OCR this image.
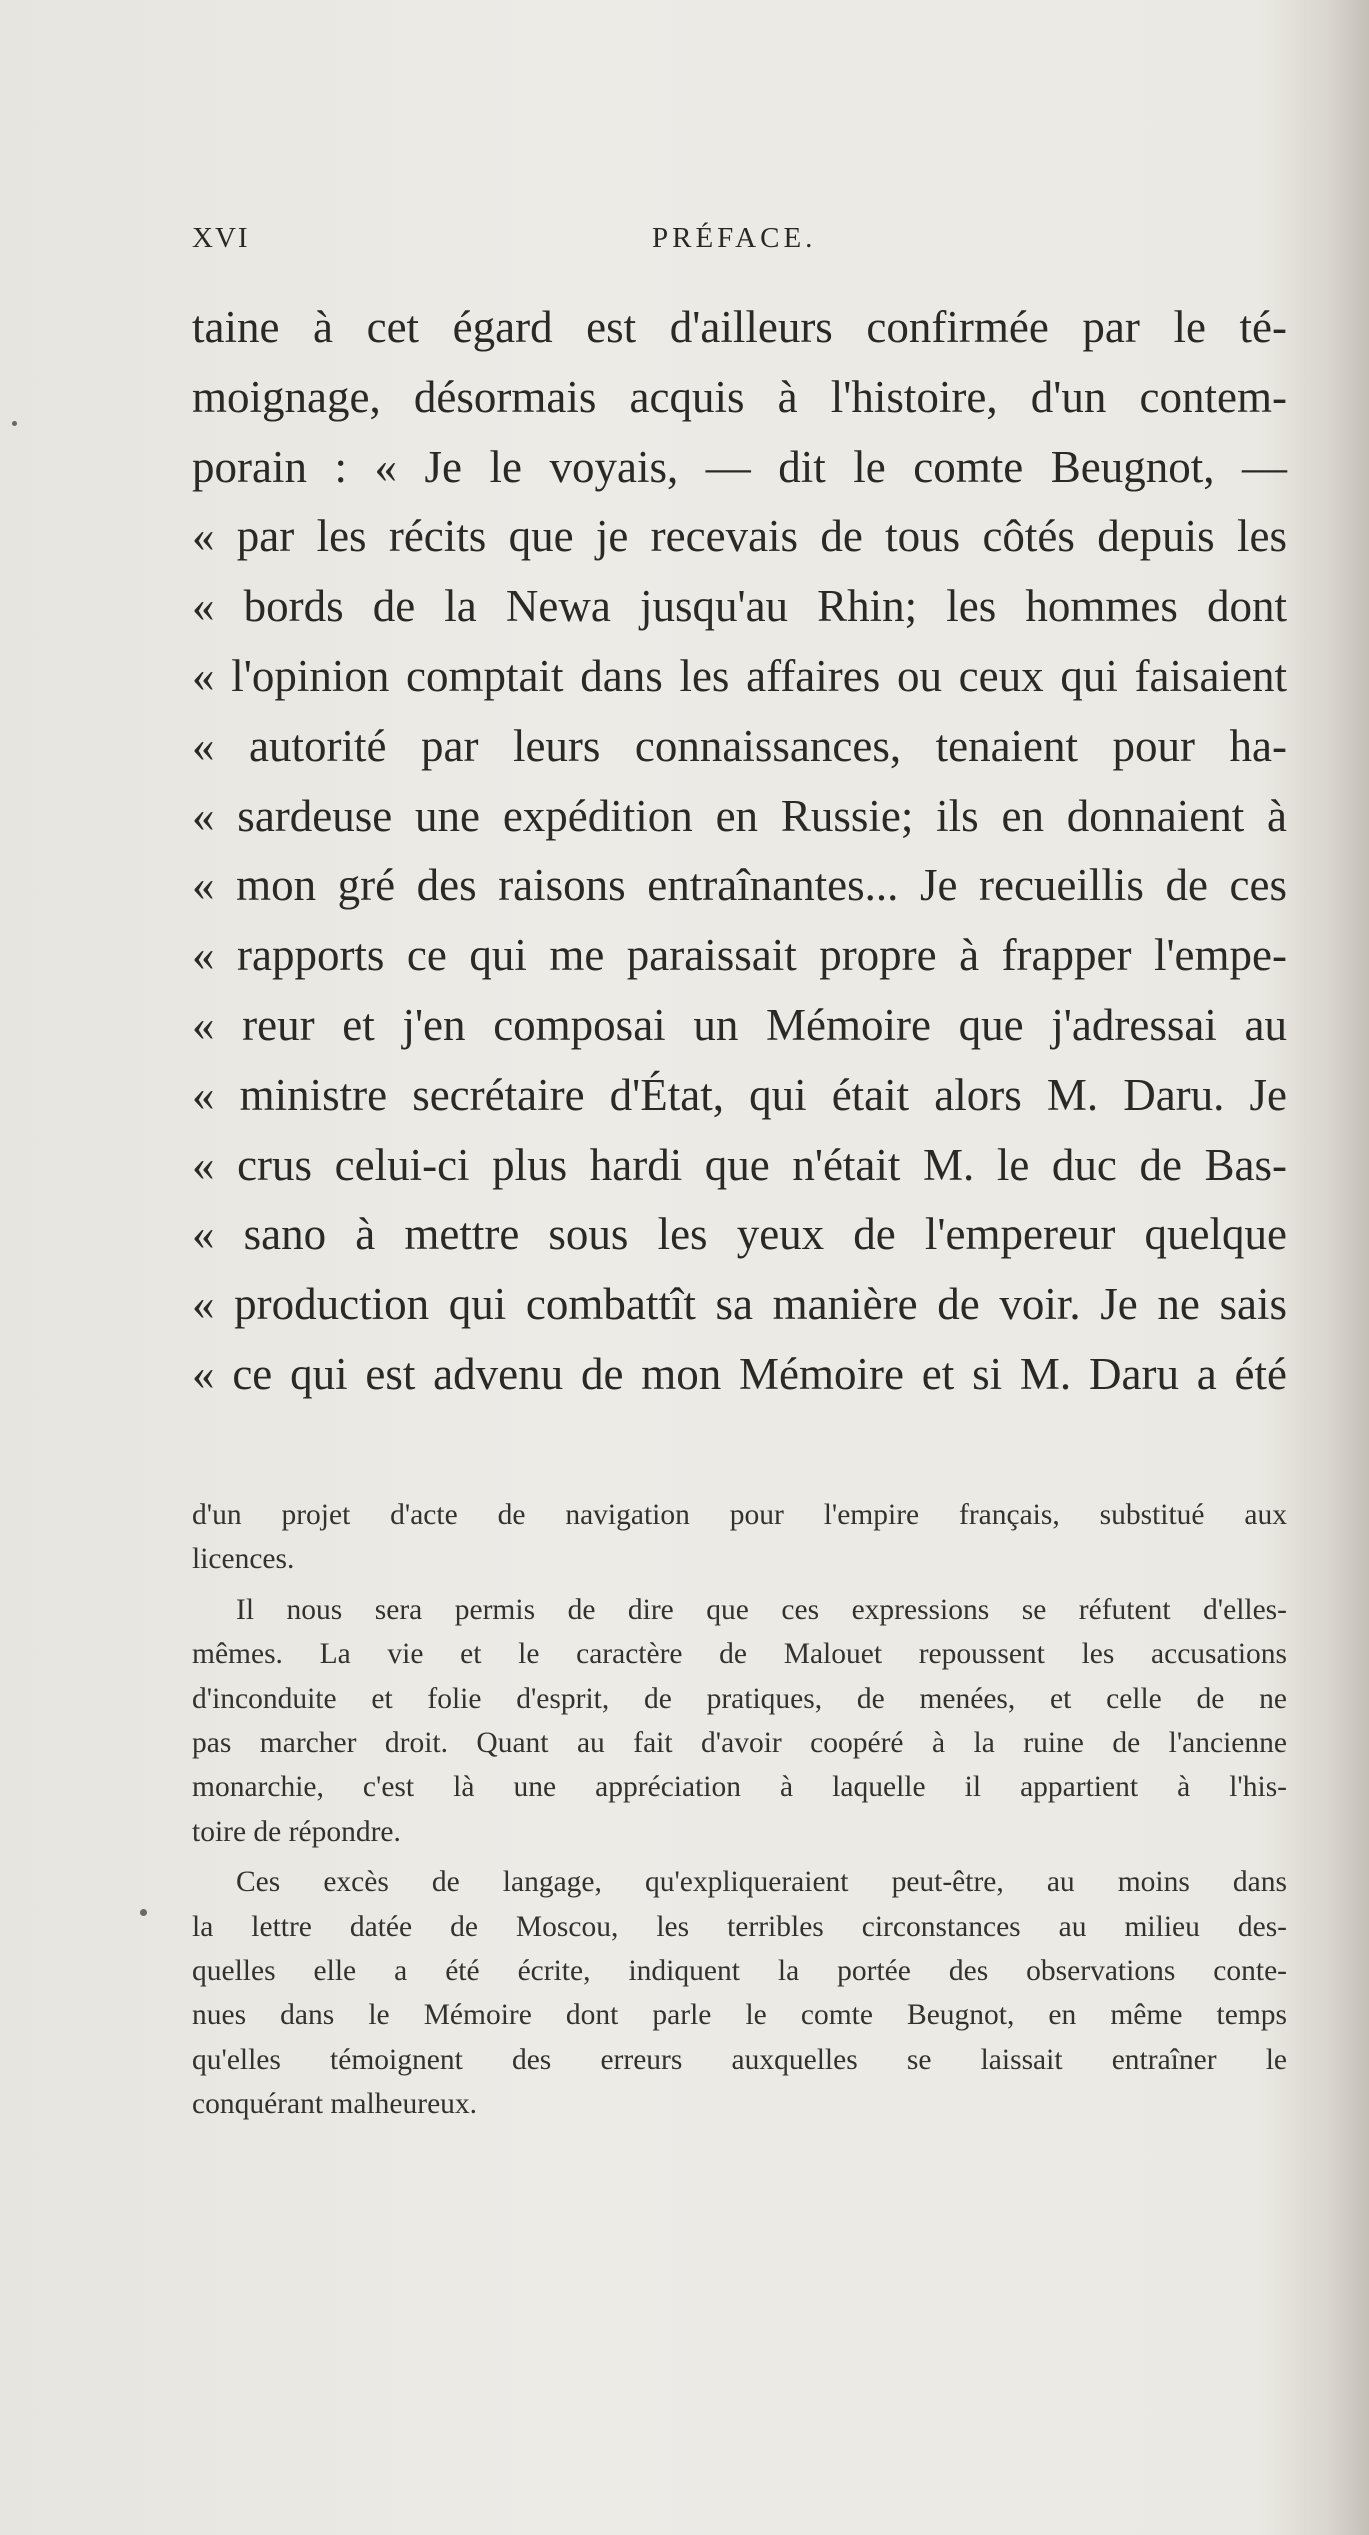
XVI	PRÉFACE.
taine à cet égard est d'ailleurs confirmée par le té-
moignage, désormais acquis à l'histoire, d'un contem-
porain : « Je le voyais, — dit le comte Beugnot, —
« par les récits que je recevais de tous côtés depuis les
« bords de la Newa jusqu'au Rhin; les hommes dont
« l'opinion comptait dans les affaires ou ceux qui faisaient
« autorité par leurs connaissances, tenaient pour ha-
« sardeuse une expédition en Russie; ils en donnaient à
« mon gré des raisons entraînantes... Je recueillis de ces
« rapports ce qui me paraissait propre à frapper l'empe-
« reur et j'en composai un Mémoire que j'adressai au
« ministre secrétaire d'État, qui était alors M. Daru. Je
« crus celui-ci plus hardi que n'était M. le duc de Bas-
« sano à mettre sous les yeux de l'empereur quelque
« production qui combattît sa manière de voir. Je ne sais
« ce qui est advenu de mon Mémoire et si M. Daru a été
d'un projet d'acte de navigation pour l'empire français, substitué aux
licences.
Il nous sera permis de dire que ces expressions se réfutent d'elles-
mêmes. La vie et le caractère de Malouet repoussent les accusations
d'inconduite et folie d'esprit, de pratiques, de menées, et celle de ne
pas marcher droit. Quant au fait d'avoir coopéré à la ruine de l'ancienne
monarchie, c'est là une appréciation à laquelle il appartient à l'his-
toire de répondre.
Ces excès de langage, qu'expliqueraient peut-être, au moins dans
la lettre datée de Moscou, les terribles circonstances au milieu des-
quelles elle a été écrite, indiquent la portée des observations conte-
nues dans le Mémoire dont parle le comte Beugnot, en même temps
qu'elles témoignent des erreurs auxquelles se laissait entraîner le
conquérant malheureux.
